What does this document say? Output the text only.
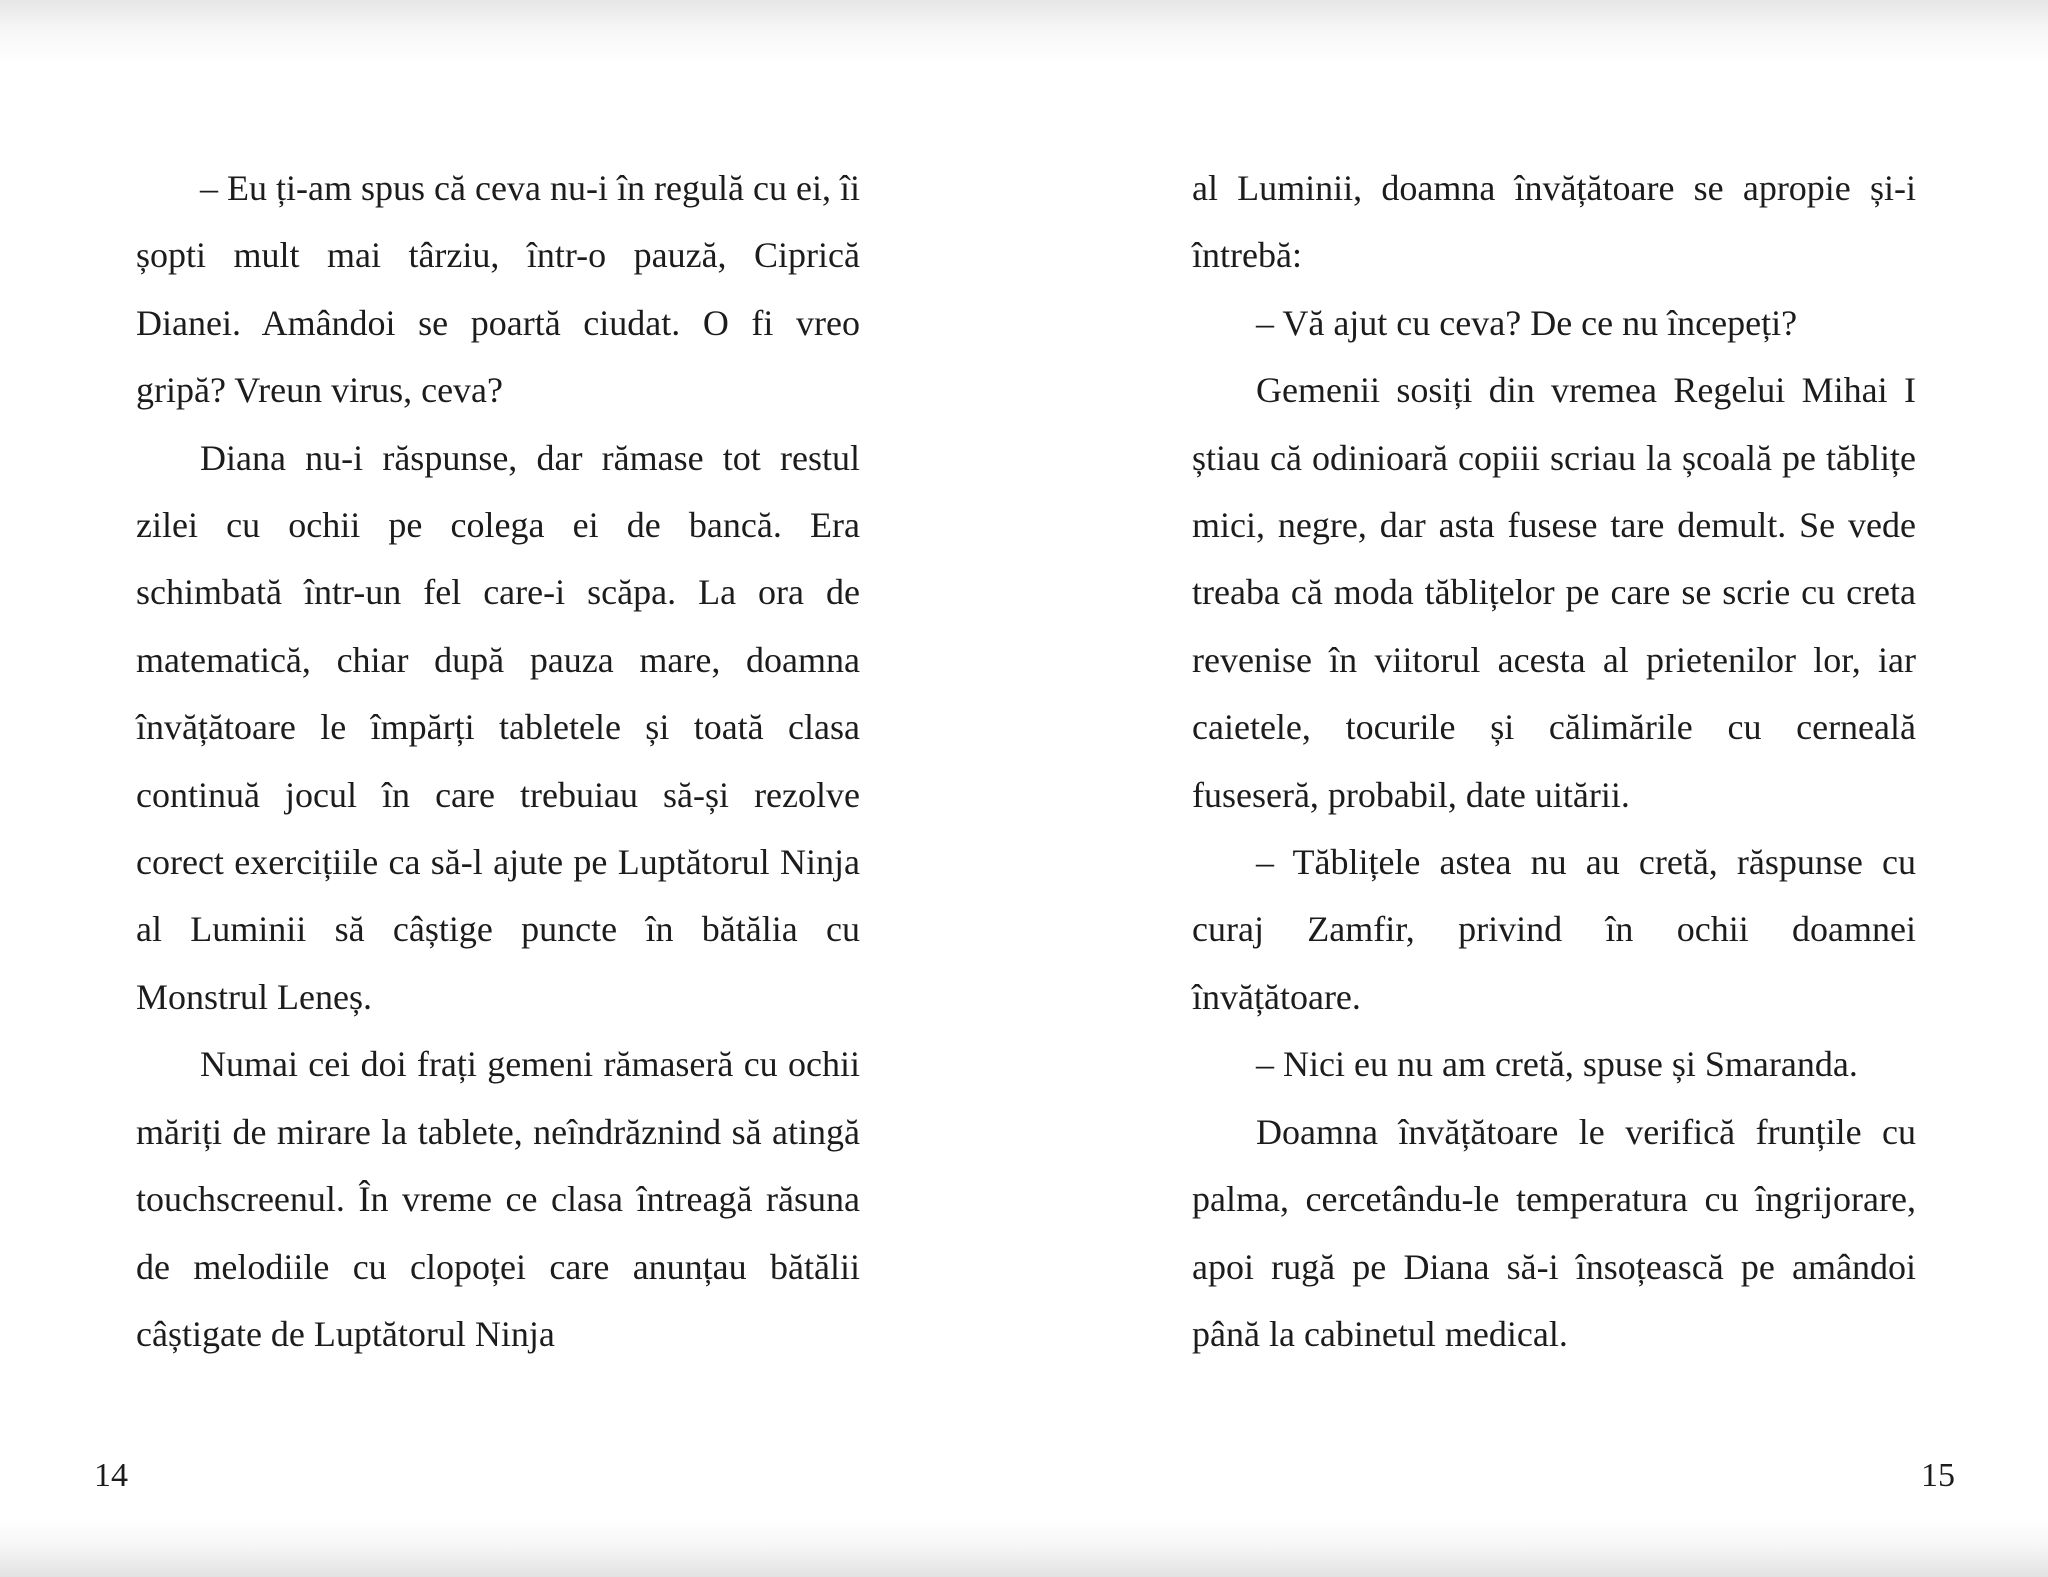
– Eu ți-am spus că ceva nu-i în regulă cu ei, îi șopti mult mai târziu, într-o pauză, Ciprică Dianei. Amândoi se poartă ciudat. O fi vreo gripă? Vreun virus, ceva?

Diana nu-i răspunse, dar rămase tot restul zilei cu ochii pe colega ei de bancă. Era schimbată într-un fel care-i scăpa. La ora de matematică, chiar după pauza mare, doamna învățătoare le împărți tabletele și toată clasa continuă jocul în care trebuiau să-și rezolve corect exercițiile ca să-l ajute pe Luptătorul Ninja al Luminii să câștige puncte în bătălia cu Monstrul Leneș.

Numai cei doi frați gemeni rămaseră cu ochii măriți de mirare la tablete, neîndrăznind să atingă touchscreenul. În vreme ce clasa întreagă răsuna de melodiile cu clopoței care anunțau bătălii câștigate de Luptătorul Ninja

al Luminii, doamna învățătoare se apropie și-i întrebă:

– Vă ajut cu ceva? De ce nu începeți?

Gemenii sosiți din vremea Regelui Mihai I știau că odinioară copiii scriau la școală pe tăblițe mici, negre, dar asta fusese tare demult. Se vede treaba că moda tăblițelor pe care se scrie cu creta revenise în viitorul acesta al prietenilor lor, iar caietele, tocurile și călimările cu cerneală fuseseră, probabil, date uitării.

– Tăblițele astea nu au cretă, răspunse cu curaj Zamfir, privind în ochii doamnei învățătoare.

– Nici eu nu am cretă, spuse și Smaranda.

Doamna învățătoare le verifică frunțile cu palma, cercetându-le temperatura cu îngrijorare, apoi rugă pe Diana să-i însoțească pe amândoi până la cabinetul medical.

14	15
